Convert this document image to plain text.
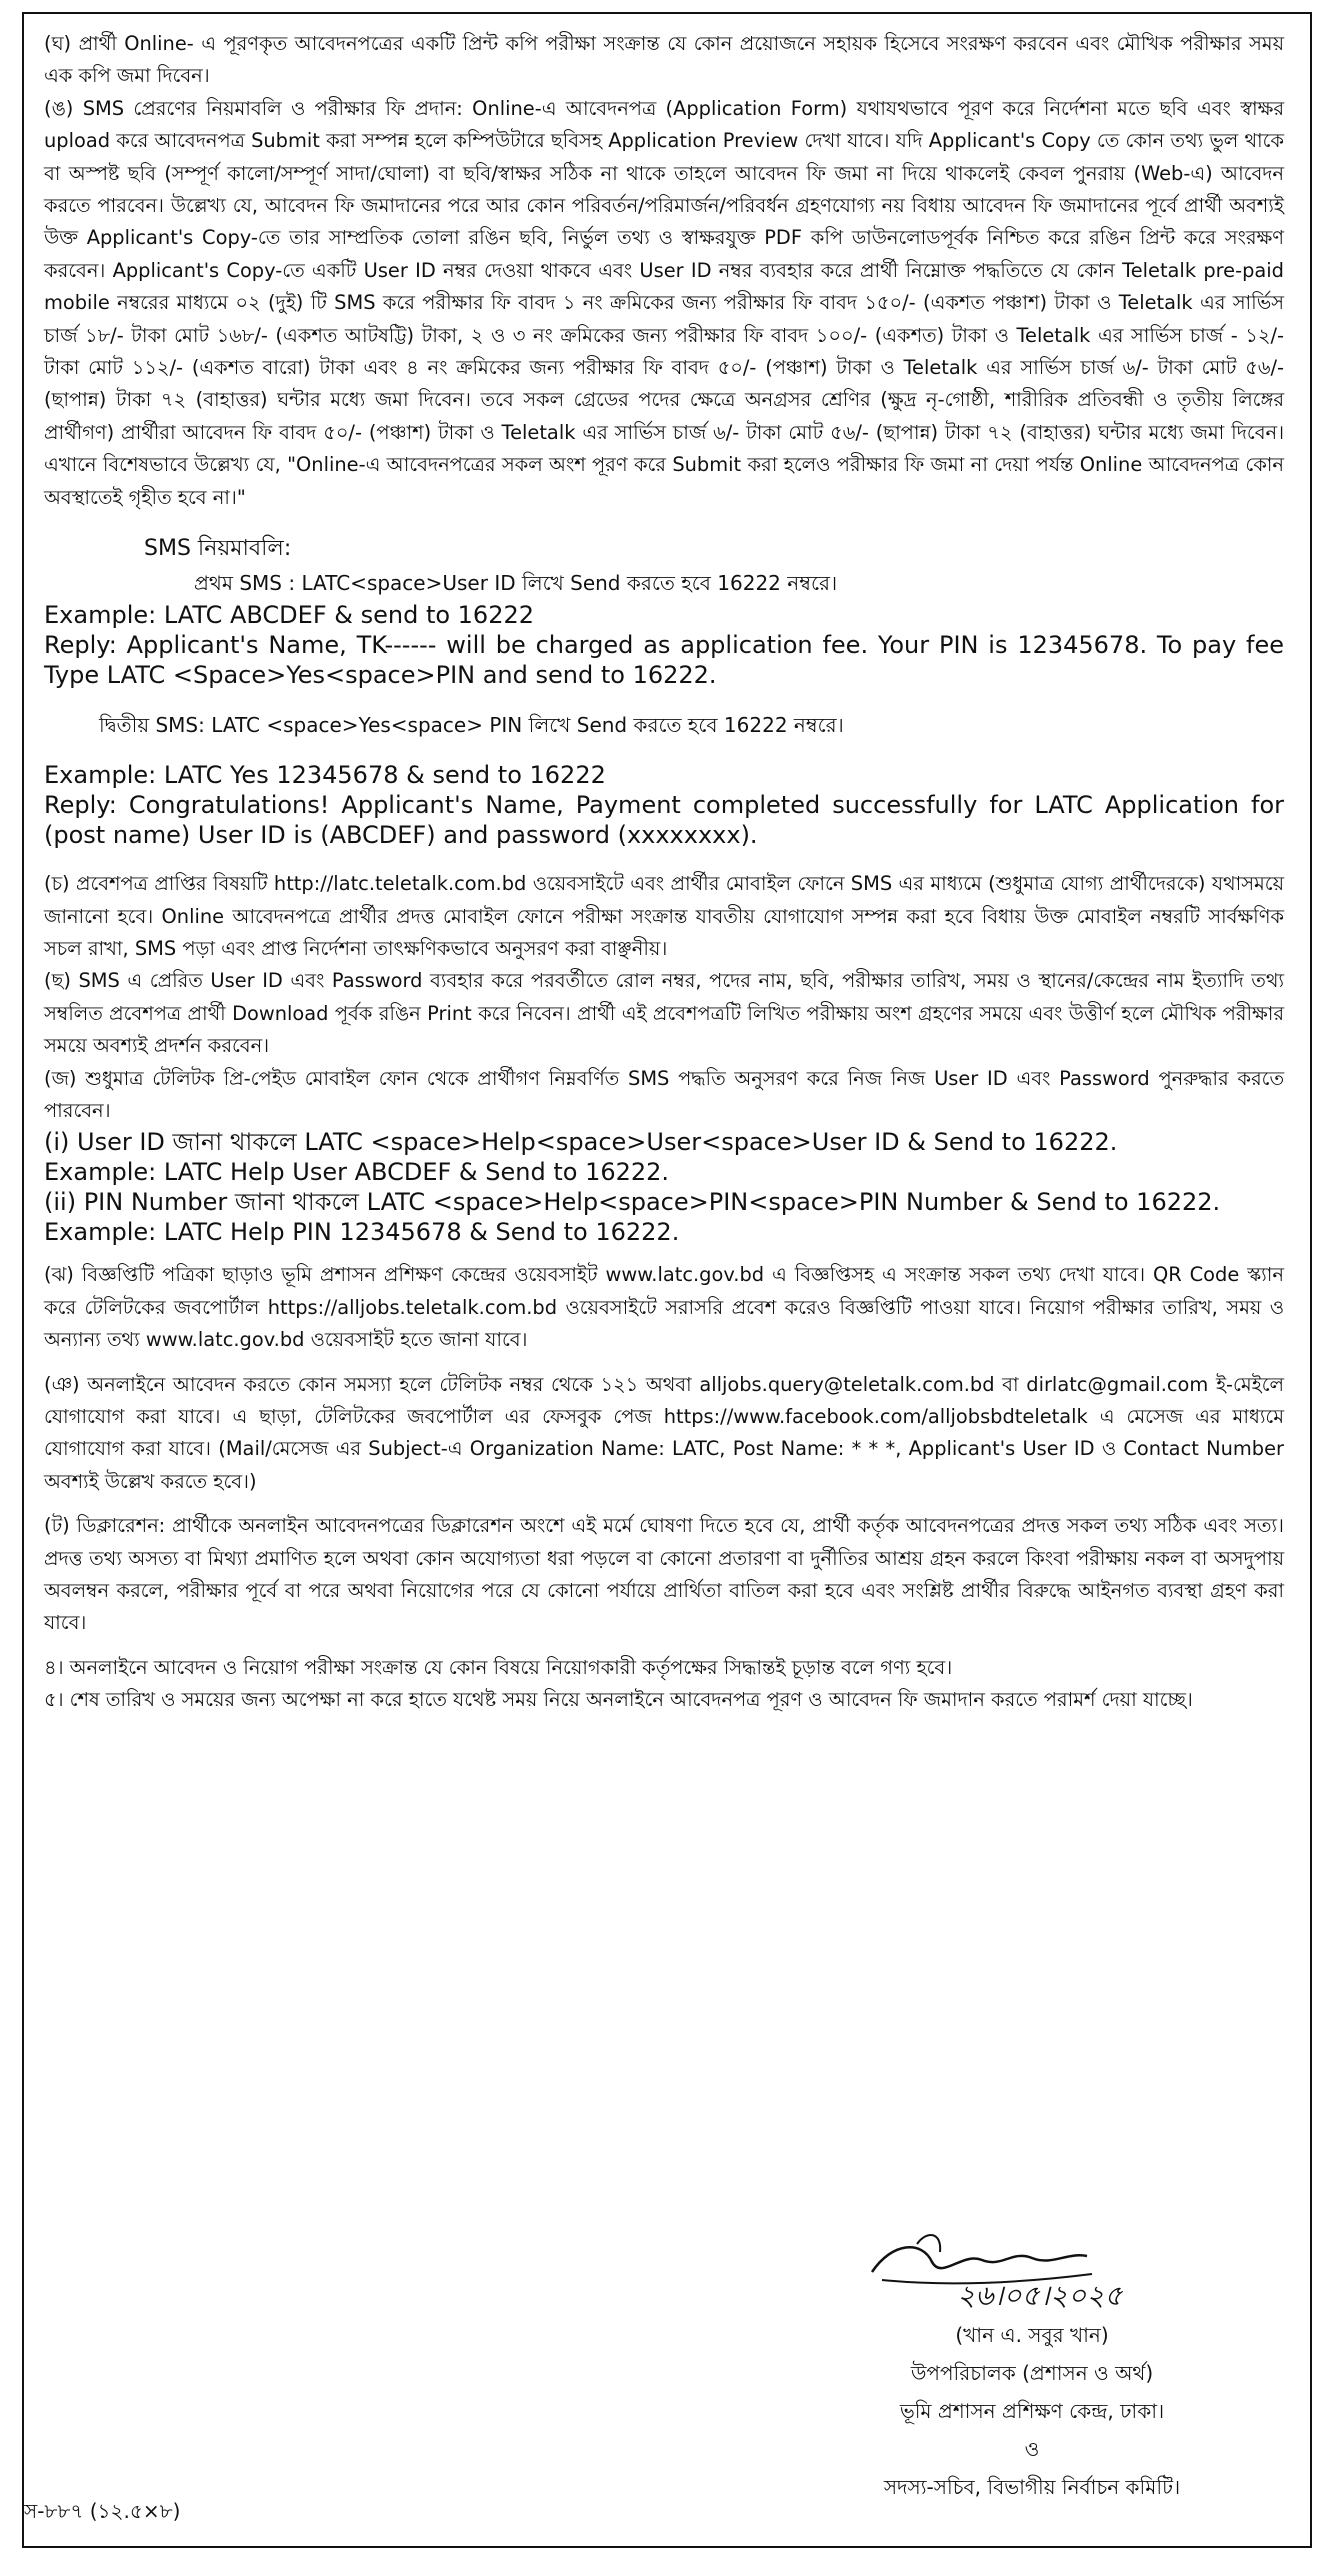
(ঘ) প্রার্থী Online- এ পূরণকৃত আবেদনপত্রের একটি প্রিন্ট কপি পরীক্ষা সংক্রান্ত যে কোন প্রয়োজনে সহায়ক হিসেবে সংরক্ষণ করবেন এবং মৌখিক পরীক্ষার সময় এক কপি জমা দিবেন।

(ঙ) SMS প্রেরণের নিয়মাবলি ও পরীক্ষার ফি প্রদান: Online-এ আবেদনপত্র (Application Form) যথাযথভাবে পূরণ করে নির্দেশনা মতে ছবি এবং স্বাক্ষর upload করে আবেদনপত্র Submit করা সম্পন্ন হলে কম্পিউটারে ছবিসহ Application Preview দেখা যাবে। যদি Applicant's Copy তে কোন তথ্য ভুল থাকে বা অস্পষ্ট ছবি (সম্পূর্ণ কালো/সম্পূর্ণ সাদা/ঘোলা) বা ছবি/স্বাক্ষর সঠিক না থাকে তাহলে আবেদন ফি জমা না দিয়ে থাকলেই কেবল পুনরায় (Web-এ) আবেদন করতে পারবেন। উল্লেখ্য যে, আবেদন ফি জমাদানের পরে আর কোন পরিবর্তন/পরিমার্জন/পরিবর্ধন গ্রহণযোগ্য নয় বিধায় আবেদন ফি জমাদানের পূর্বে প্রার্থী অবশ্যই উক্ত Applicant's Copy-তে তার সাম্প্রতিক তোলা রঙিন ছবি, নির্ভুল তথ্য ও স্বাক্ষরযুক্ত PDF কপি ডাউনলোডপূর্বক নিশ্চিত করে রঙিন প্রিন্ট করে সংরক্ষণ করবেন। Applicant's Copy-তে একটি User ID নম্বর দেওয়া থাকবে এবং User ID নম্বর ব্যবহার করে প্রার্থী নিম্নোক্ত পদ্ধতিতে যে কোন Teletalk pre-paid mobile নম্বরের মাধ্যমে ০২ (দুই) টি SMS করে পরীক্ষার ফি বাবদ ১ নং ক্রমিকের জন্য পরীক্ষার ফি বাবদ ১৫০/- (একশত পঞ্চাশ) টাকা ও Teletalk এর সার্ভিস চার্জ ১৮/- টাকা মোট ১৬৮/- (একশত আটষট্টি) টাকা, ২ ও ৩ নং ক্রমিকের জন্য পরীক্ষার ফি বাবদ ১০০/- (একশত) টাকা ও Teletalk এর সার্ভিস চার্জ - ১২/- টাকা মোট ১১২/- (একশত বারো) টাকা এবং ৪ নং ক্রমিকের জন্য পরীক্ষার ফি বাবদ ৫০/- (পঞ্চাশ) টাকা ও Teletalk এর সার্ভিস চার্জ ৬/- টাকা মোট ৫৬/- (ছাপান্ন) টাকা ৭২ (বাহাত্তর) ঘন্টার মধ্যে জমা দিবেন। তবে সকল গ্রেডের পদের ক্ষেত্রে অনগ্রসর শ্রেণির (ক্ষুদ্র নৃ-গোষ্ঠী, শারীরিক প্রতিবন্ধী ও তৃতীয় লিঙ্গের প্রার্থীগণ) প্রার্থীরা আবেদন ফি বাবদ ৫০/- (পঞ্চাশ) টাকা ও Teletalk এর সার্ভিস চার্জ ৬/- টাকা মোট ৫৬/- (ছাপান্ন) টাকা ৭২ (বাহাত্তর) ঘন্টার মধ্যে জমা দিবেন। এখানে বিশেষভাবে উল্লেখ্য যে, "Online-এ আবেদনপত্রের সকল অংশ পূরণ করে Submit করা হলেও পরীক্ষার ফি জমা না দেয়া পর্যন্ত Online আবেদনপত্র কোন অবস্থাতেই গৃহীত হবে না।"

SMS নিয়মাবলি:

প্রথম SMS : LATC<space>User ID লিখে Send করতে হবে 16222 নম্বরে।

Example: LATC ABCDEF & send to 16222

Reply: Applicant's Name, TK------ will be charged as application fee. Your PIN is 12345678. To pay fee Type LATC <Space>Yes<space>PIN and send to 16222.

দ্বিতীয় SMS: LATC <space>Yes<space> PIN লিখে Send করতে হবে 16222 নম্বরে।

Example: LATC Yes 12345678 & send to 16222

Reply: Congratulations! Applicant's Name, Payment completed successfully for LATC Application for (post name) User ID is (ABCDEF) and password (xxxxxxxx).

(চ) প্রবেশপত্র প্রাপ্তির বিষয়টি http://latc.teletalk.com.bd ওয়েবসাইটে এবং প্রার্থীর মোবাইল ফোনে SMS এর মাধ্যমে (শুধুমাত্র যোগ্য প্রার্থীদেরকে) যথাসময়ে জানানো হবে। Online আবেদনপত্রে প্রার্থীর প্রদত্ত মোবাইল ফোনে পরীক্ষা সংক্রান্ত যাবতীয় যোগাযোগ সম্পন্ন করা হবে বিধায় উক্ত মোবাইল নম্বরটি সার্বক্ষণিক সচল রাখা, SMS পড়া এবং প্রাপ্ত নির্দেশনা তাৎক্ষণিকভাবে অনুসরণ করা বাঞ্ছনীয়।

(ছ) SMS এ প্রেরিত User ID এবং Password ব্যবহার করে পরবর্তীতে রোল নম্বর, পদের নাম, ছবি, পরীক্ষার তারিখ, সময় ও স্থানের/কেন্দ্রের নাম ইত্যাদি তথ্য সম্বলিত প্রবেশপত্র প্রার্থী Download পূর্বক রঙিন Print করে নিবেন। প্রার্থী এই প্রবেশপত্রটি লিখিত পরীক্ষায় অংশ গ্রহণের সময়ে এবং উত্তীর্ণ হলে মৌখিক পরীক্ষার সময়ে অবশ্যই প্রদর্শন করবেন।

(জ) শুধুমাত্র টেলিটক প্রি-পেইড মোবাইল ফোন থেকে প্রার্থীগণ নিম্নবর্ণিত SMS পদ্ধতি অনুসরণ করে নিজ নিজ User ID এবং Password পুনরুদ্ধার করতে পারবেন।

(i) User ID জানা থাকলে LATC <space>Help<space>User<space>User ID & Send to 16222.

Example: LATC Help User ABCDEF & Send to 16222.

(ii) PIN Number জানা থাকলে LATC <space>Help<space>PIN<space>PIN Number & Send to 16222.

Example: LATC Help PIN 12345678 & Send to 16222.

(ঝ) বিজ্ঞপ্তিটি পত্রিকা ছাড়াও ভূমি প্রশাসন প্রশিক্ষণ কেন্দ্রের ওয়েবসাইট www.latc.gov.bd এ বিজ্ঞপ্তিসহ এ সংক্রান্ত সকল তথ্য দেখা যাবে। QR Code স্ক্যান করে টেলিটকের জবপোর্টাল https://alljobs.teletalk.com.bd ওয়েবসাইটে সরাসরি প্রবেশ করেও বিজ্ঞপ্তিটি পাওয়া যাবে। নিয়োগ পরীক্ষার তারিখ, সময় ও অন্যান্য তথ্য www.latc.gov.bd ওয়েবসাইট হতে জানা যাবে।

(ঞ) অনলাইনে আবেদন করতে কোন সমস্যা হলে টেলিটক নম্বর থেকে ১২১ অথবা alljobs.query@teletalk.com.bd বা dirlatc@gmail.com ই-মেইলে যোগাযোগ করা যাবে। এ ছাড়া, টেলিটকের জবপোর্টাল এর ফেসবুক পেজ https://www.facebook.com/alljobsbdteletalk এ মেসেজ এর মাধ্যমে যোগাযোগ করা যাবে। (Mail/মেসেজ এর Subject-এ Organization Name: LATC, Post Name: * * *, Applicant's User ID ও Contact Number অবশ্যই উল্লেখ করতে হবে।)

(ট) ডিক্লারেশন: প্রার্থীকে অনলাইন আবেদনপত্রের ডিক্লারেশন অংশে এই মর্মে ঘোষণা দিতে হবে যে, প্রার্থী কর্তৃক আবেদনপত্রের প্রদত্ত সকল তথ্য সঠিক এবং সত্য। প্রদত্ত তথ্য অসত্য বা মিথ্যা প্রমাণিত হলে অথবা কোন অযোগ্যতা ধরা পড়লে বা কোনো প্রতারণা বা দুর্নীতির আশ্রয় গ্রহন করলে কিংবা পরীক্ষায় নকল বা অসদুপায় অবলম্বন করলে, পরীক্ষার পূর্বে বা পরে অথবা নিয়োগের পরে যে কোনো পর্যায়ে প্রার্থিতা বাতিল করা হবে এবং সংশ্লিষ্ট প্রার্থীর বিরুদ্ধে আইনগত ব্যবস্থা গ্রহণ করা যাবে।

৪। অনলাইনে আবেদন ও নিয়োগ পরীক্ষা সংক্রান্ত যে কোন বিষয়ে নিয়োগকারী কর্তৃপক্ষের সিদ্ধান্তই চূড়ান্ত বলে গণ্য হবে।

৫। শেষ তারিখ ও সময়ের জন্য অপেক্ষা না করে হাতে যথেষ্ট সময় নিয়ে অনলাইনে আবেদনপত্র পূরণ ও আবেদন ফি জমাদান করতে পরামর্শ দেয়া যাচ্ছে।

২৬।০৫।২০২৫
(খান এ. সবুর খান)
উপপরিচালক (প্রশাসন ও অর্থ)
ভূমি প্রশাসন প্রশিক্ষণ কেন্দ্র, ঢাকা।
ও
সদস্য-সচিব, বিভাগীয় নির্বাচন কমিটি।
স-৮৮৭ (১২.৫×৮)
